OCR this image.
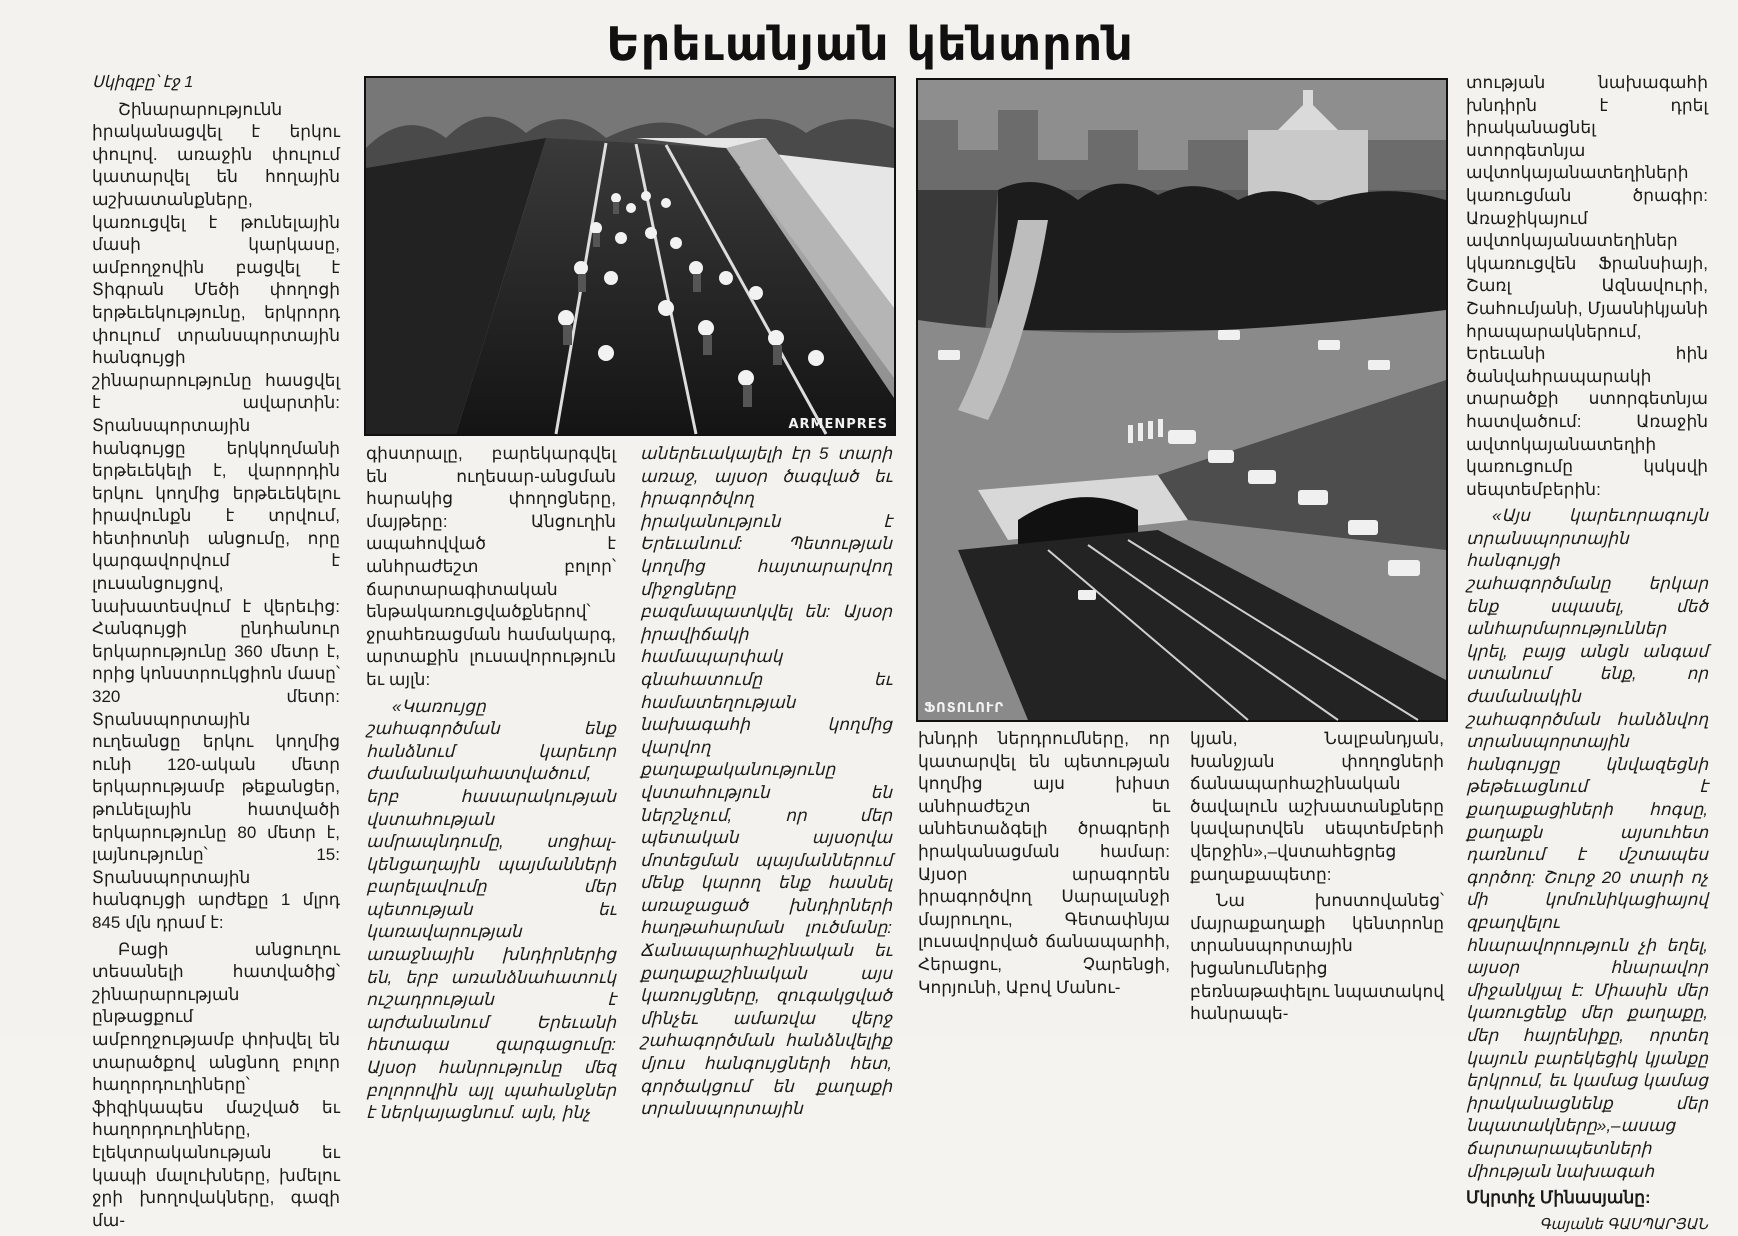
Երեւանյան կենտրոն

Սկիզբը՝ էջ 1

Շինարարությունն իրականացվել է երկու փուլով. առաջին փուլում կատարվել են հողային աշխատանքները, կառուցվել է թունելային մասի կարկասը, ամբողջովին բացվել է Տիգրան Մեծի փողոցի երթեւեկությունը, երկրորդ փուլում տրանսպորտային հանգույցի շինարարությունը հասցվել է ավարտին: Տրանսպորտային հանգույցը երկկողմանի երթեւեկելի է, վարորդին երկու կողմից երթեւեկելու իրավունքն է տրվում, հետիոտնի անցումը, որը կարգավորվում է լուսանցույցով, նախատեսվում է վերեւից: Հանգույցի ընդհանուր երկարությունը 360 մետր է, որից կոնստրուկցիոն մասը՝ 320 մետր: Տրանսպորտային ուղեանցը երկու կողմից ունի 120-ական մետր երկարությամբ թեքանցեր, թունելային հատվածի երկարությունը 80 մետր է, լայնությունը՝ 15: Տրանսպորտային հանգույցի արժեքը 1 մլրդ 845 մլն դրամ է:

Բացի անցուղու տեսանելի հատվածից՝ շինարարության ընթացքում ամբողջությամբ փոխվել են տարածքով անցնող բոլոր հաղորդուղիները՝ ֆիզիկապես մաշված եւ հաղորդուղիները, էլեկտրականության եւ կապի մալուխները, խմելու ջրի խողովակները, գազի մա-

ARMENPRES

գիստրալը, բարեկարգվել են ուղեսար-անցման հարակից փողոցները, մայթերը: Անցուղին ապահովված է անհրաժեշտ բոլոր՝ ճարտարագիտական ենթակառուցվածքներով՝ ջրահեռացման համակարգ, արտաքին լուսավորություն եւ այլն:

«Կառույցը շահագործման ենք հանձնում կարեւոր ժամանակահատվածում, երբ հասարակության վստահության ամրապնդումը, սոցիալ-կենցաղային պայմանների բարելավումը մեր պետության եւ կառավարության առաջնային խնդիրներից են, երբ առանձնահատուկ ուշադրության է արժանանում Երեւանի հետագա զարգացումը: Այսօր հանրությունը մեզ բոլորովին այլ պահանջներ է ներկայացնում. այն, ինչ

աներեւակայելի էր 5 տարի առաջ, այսօր ծագված եւ իրագործվող իրականություն է Երեւանում: Պետության կողմից հայտարարվող միջոցները բազմապատկվել են: Այսօր իրավիճակի համապարփակ գնահատումը եւ համատեղության նախագահի կողմից վարվող քաղաքականությունը վստահություն են ներշնչում, որ մեր պետական այսօրվա մոտեցման պայմաններում մենք կարող ենք հասնել առաջացած խնդիրների հաղթահարման լուծմանը: Ճանապարհաշինական եւ քաղաքաշինական այս կառույցները, զուգակցված մինչեւ ամառվա վերջ շահագործման հանձնվելիք մյուս հանգույցների հետ, գործակցում են քաղաքի տրանսպորտային

ՖՈՏՈԼՈՒՐ

խնդրի ներդրումները, որ կատարվել են պետության կողմից այս խիստ անհրաժեշտ եւ անհետաձգելի ծրագրերի իրականացման համար: Այսօր արագորեն իրագործվող Սարալանջի մայրուղու, Գետափնյա լուսավորված ճանապարհի, Հերացու, Չարենցի, Կորյունի, Աբով Մանու-

կյան, Նալբանդյան, Խանջյան փողոցների ճանապարհաշինական ծավալուն աշխատանքները կավարտվեն սեպտեմբերի վերջին»,–վստահեցրեց քաղաքապետը:

Նա խոստովանեց՝ մայրաքաղաքի կենտրոնը տրանսպորտային խցանումներից բեռնաթափելու նպատակով հանրապե-

տության նախագահի խնդիրն է դրել իրականացնել ստորգետնյա ավտոկայանատեղիների կառուցման ծրագիր: Առաջիկայում ավտոկայանատեղիներ կկառուցվեն Ֆրանսիայի, Շառլ Ազնավուրի, Շահումյանի, Մյասնիկյանի հրապարակներում, Երեւանի հին ծանվահրապարակի տարածքի ստորգետնյա հատվածում: Առաջին ավտոկայանատեղիի կառուցումը կսկսվի սեպտեմբերին:

«Այս կարեւորագույն տրանսպորտային հանգույցի շահագործմանը երկար ենք սպասել, մեծ անհարմարություններ կրել, բայց անցն անգամ ստանում ենք, որ ժամանակին շահագործման հանձնվող տրանսպորտային հանգույցը կնվազեցնի թեթեւացնում է քաղաքացիների հոգսը, քաղաքն այսուհետ դառնում է մշտապես գործող: Շուրջ 20 տարի ոչ մի կոմունիկացիայով զբաղվելու հնարավորություն չի եղել, այսօր հնարավոր միջանկյալ է: Միասին մեր կառուցենք մեր քաղաքը, մեր հայրենիքը, որտեղ կայուն բարեկեցիկ կյանքը երկրում, եւ կամաց կամաց իրականացնենք մեր նպատակները»,–ասաց ճարտարապետների միության նախագահ

Մկրտիչ Մինասյանը:

Գայանե ԳԱՍՊԱՐՅԱՆ
